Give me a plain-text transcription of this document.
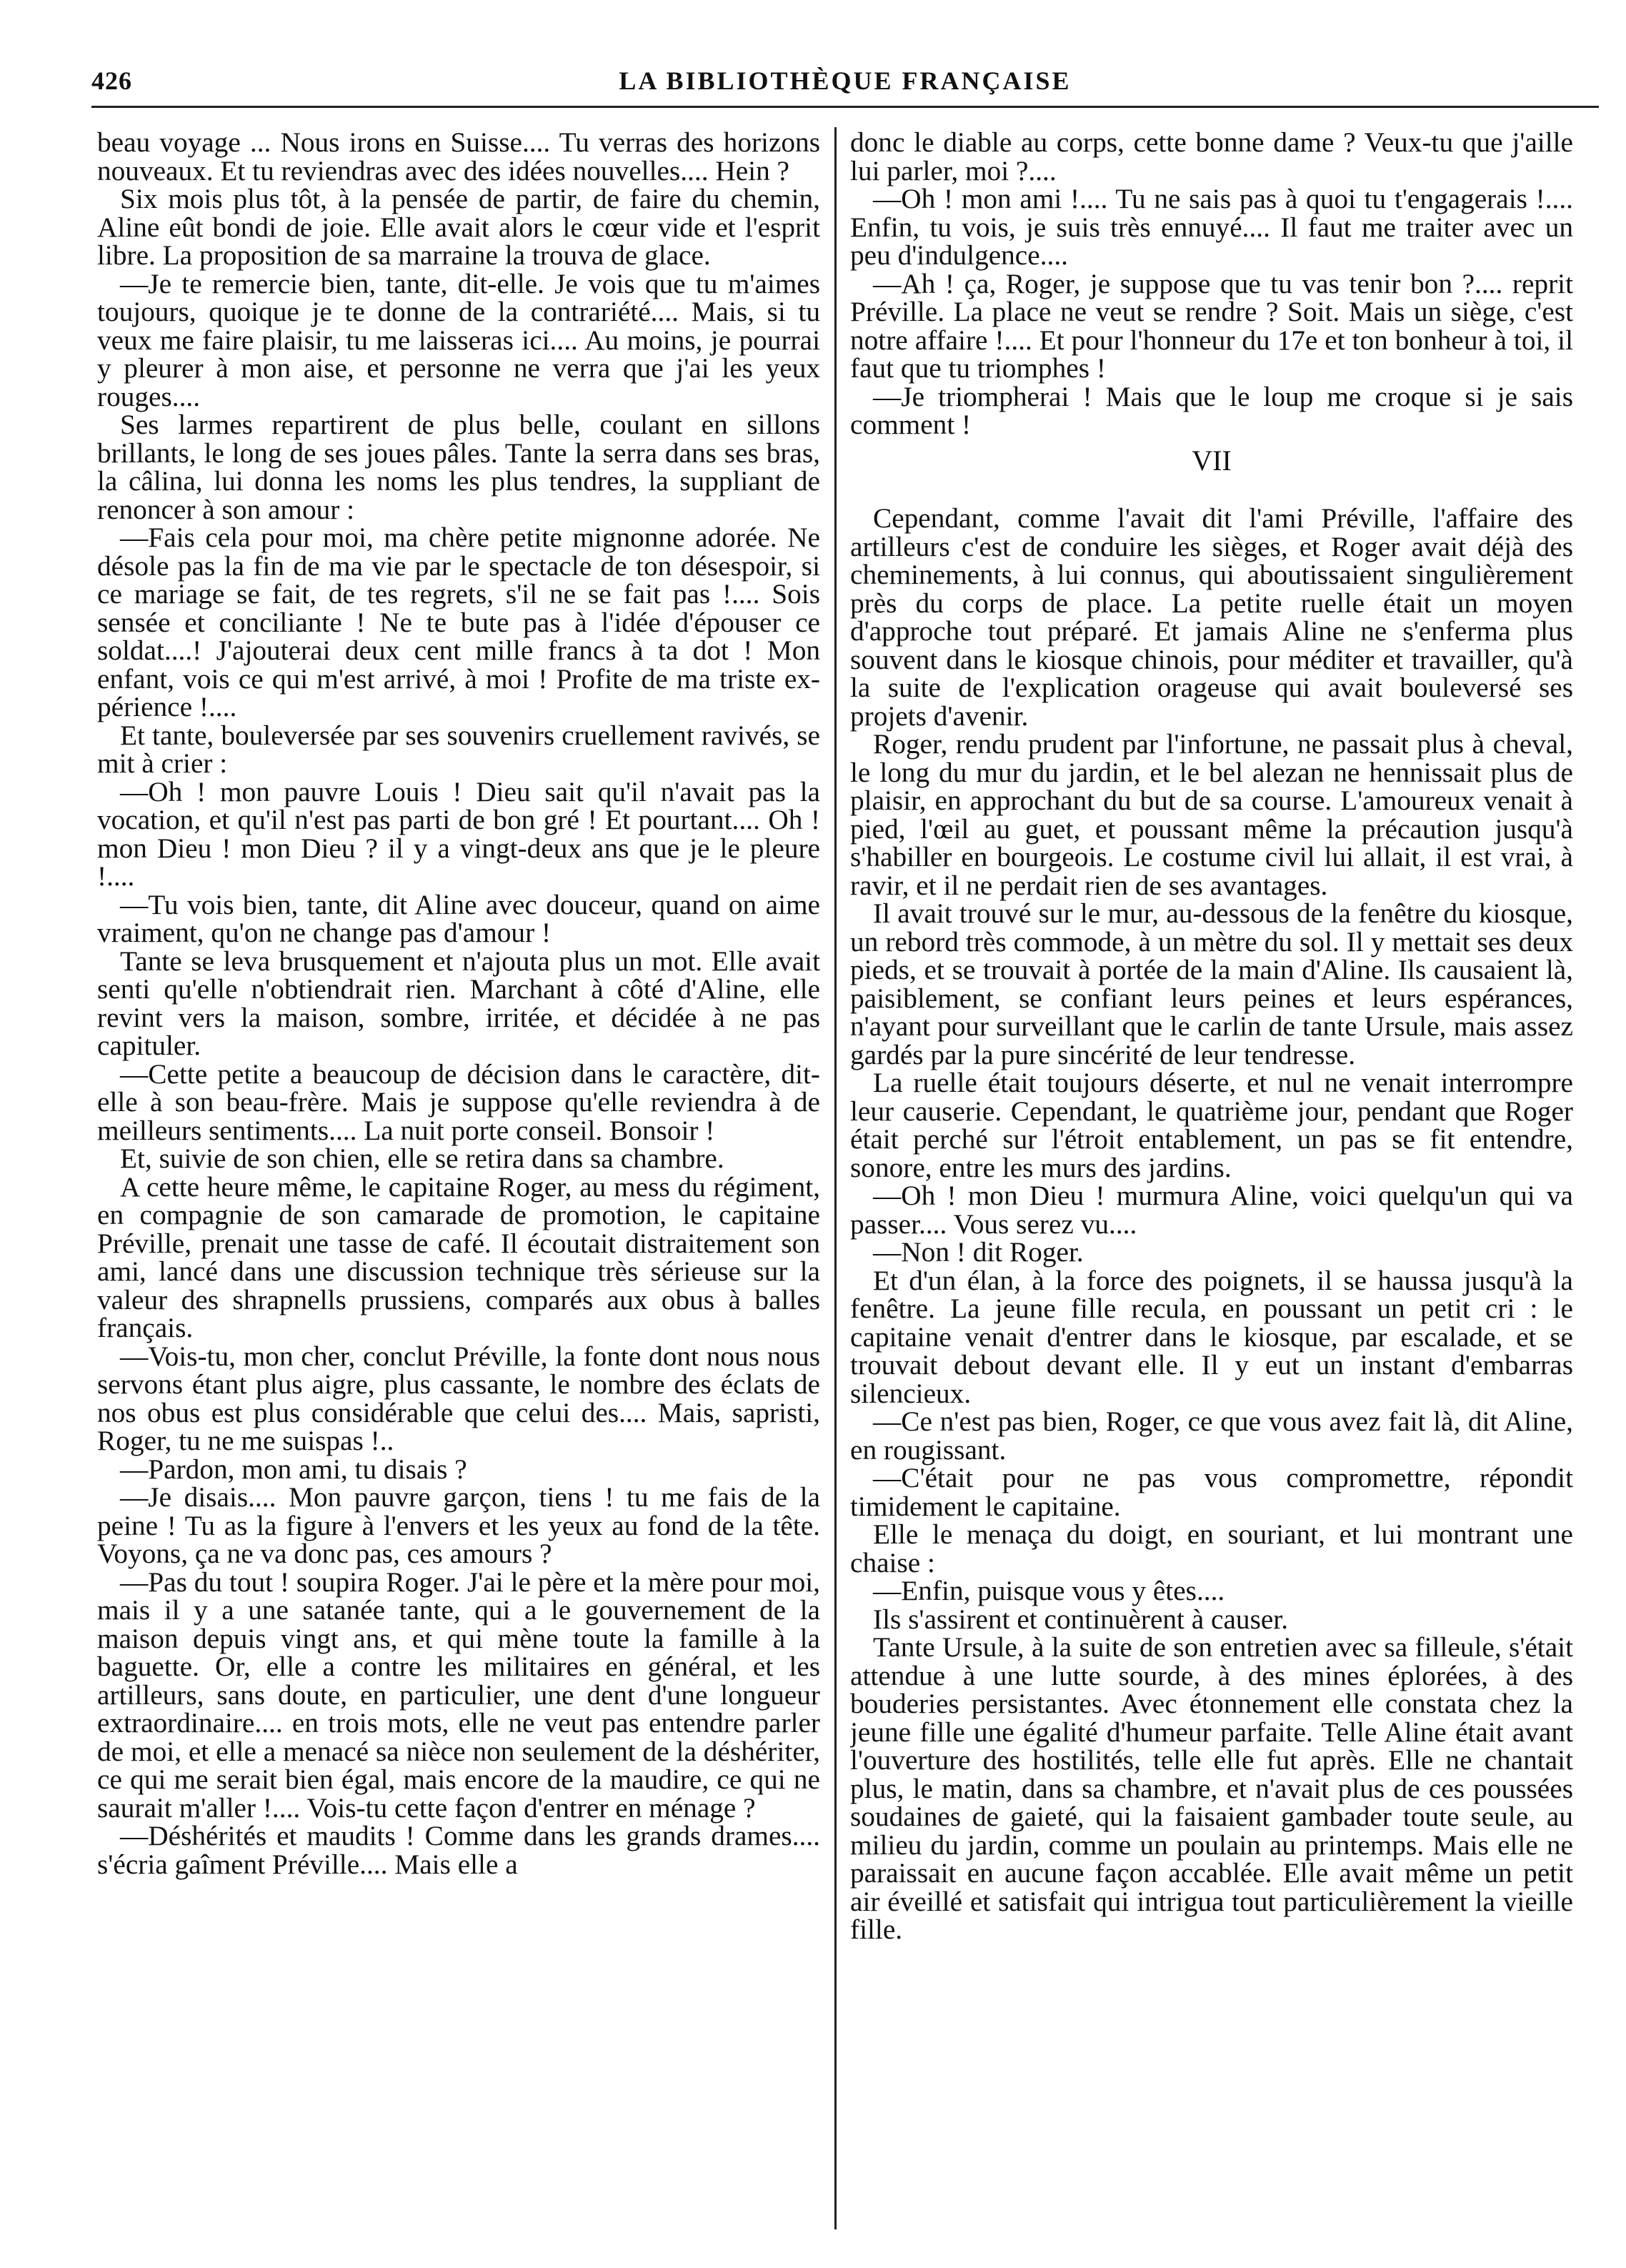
426	LA BIBLIOTHÈQUE FRANÇAISE

beau voyage ... Nous irons en Suisse.... Tu verras des horizons nouveaux. Et tu reviendras avec des idées nouvelles.... Hein ?

Six mois plus tôt, à la pensée de partir, de faire du chemin, Aline eût bondi de joie. Elle avait alors le cœur vide et l'esprit libre. La proposition de sa marraine la trouva de glace.

—Je te remercie bien, tante, dit-elle. Je vois que tu m'aimes toujours, quoique je te donne de la contrariété.... Mais, si tu veux me faire plaisir, tu me laisseras ici.... Au moins, je pourrai y pleurer à mon aise, et personne ne verra que j'ai les yeux rouges....

Ses larmes repartirent de plus belle, coulant en sillons brillants, le long de ses joues pâles. Tante la serra dans ses bras, la câlina, lui donna les noms les plus tendres, la suppliant de renoncer à son amour :

—Fais cela pour moi, ma chère petite mignonne adorée. Ne désole pas la fin de ma vie par le spectacle de ton désespoir, si ce mariage se fait, de tes regrets, s'il ne se fait pas !.... Sois sensée et conciliante ! Ne te bute pas à l'idée d'épouser ce soldat....! J'ajouterai deux cent mille francs à ta dot ! Mon enfant, vois ce qui m'est arrivé, à moi ! Profite de ma triste ex-périence !....

Et tante, bouleversée par ses souvenirs cruellement ravivés, se mit à crier :

—Oh ! mon pauvre Louis ! Dieu sait qu'il n'avait pas la vocation, et qu'il n'est pas parti de bon gré ! Et pourtant.... Oh ! mon Dieu ! mon Dieu ? il y a vingt-deux ans que je le pleure !....

—Tu vois bien, tante, dit Aline avec douceur, quand on aime vraiment, qu'on ne change pas d'amour !

Tante se leva brusquement et n'ajouta plus un mot. Elle avait senti qu'elle n'obtiendrait rien. Marchant à côté d'Aline, elle revint vers la maison, sombre, irritée, et décidée à ne pas capituler.

—Cette petite a beaucoup de décision dans le caractère, dit-elle à son beau-frère. Mais je suppose qu'elle reviendra à de meilleurs sentiments.... La nuit porte conseil. Bonsoir !

Et, suivie de son chien, elle se retira dans sa chambre.

A cette heure même, le capitaine Roger, au mess du régiment, en compagnie de son camarade de promotion, le capitaine Préville, prenait une tasse de café. Il écoutait distraitement son ami, lancé dans une discussion technique très sérieuse sur la valeur des shrapnells prussiens, comparés aux obus à balles français.

—Vois-tu, mon cher, conclut Préville, la fonte dont nous nous servons étant plus aigre, plus cassante, le nombre des éclats de nos obus est plus considérable que celui des.... Mais, sapristi, Roger, tu ne me suispas !..

—Pardon, mon ami, tu disais ?

—Je disais.... Mon pauvre garçon, tiens ! tu me fais de la peine ! Tu as la figure à l'envers et les yeux au fond de la tête. Voyons, ça ne va donc pas, ces amours ?

—Pas du tout ! soupira Roger. J'ai le père et la mère pour moi, mais il y a une satanée tante, qui a le gouvernement de la maison depuis vingt ans, et qui mène toute la famille à la baguette. Or, elle a contre les militaires en général, et les artilleurs, sans doute, en particulier, une dent d'une longueur extraordinaire.... en trois mots, elle ne veut pas entendre parler de moi, et elle a menacé sa nièce non seulement de la déshériter, ce qui me serait bien égal, mais encore de la maudire, ce qui ne saurait m'aller !.... Vois-tu cette façon d'entrer en ménage ?

—Déshérités et maudits ! Comme dans les grands drames.... s'écria gaîment Préville.... Mais elle a

donc le diable au corps, cette bonne dame ? Veux-tu que j'aille lui parler, moi ?....

—Oh ! mon ami !.... Tu ne sais pas à quoi tu t'engagerais !.... Enfin, tu vois, je suis très ennuyé.... Il faut me traiter avec un peu d'indulgence....

—Ah ! ça, Roger, je suppose que tu vas tenir bon ?.... reprit Préville. La place ne veut se rendre ? Soit. Mais un siège, c'est notre affaire !.... Et pour l'honneur du 17e et ton bonheur à toi, il faut que tu triomphes !

—Je triompherai ! Mais que le loup me croque si je sais comment !

VII

Cependant, comme l'avait dit l'ami Préville, l'affaire des artilleurs c'est de conduire les sièges, et Roger avait déjà des cheminements, à lui connus, qui aboutissaient singulièrement près du corps de place. La petite ruelle était un moyen d'approche tout préparé. Et jamais Aline ne s'enferma plus souvent dans le kiosque chinois, pour méditer et travailler, qu'à la suite de l'explication orageuse qui avait bouleversé ses projets d'avenir.

Roger, rendu prudent par l'infortune, ne passait plus à cheval, le long du mur du jardin, et le bel alezan ne hennissait plus de plaisir, en approchant du but de sa course. L'amoureux venait à pied, l'œil au guet, et poussant même la précaution jusqu'à s'habiller en bourgeois. Le costume civil lui allait, il est vrai, à ravir, et il ne perdait rien de ses avantages.

Il avait trouvé sur le mur, au-dessous de la fenêtre du kiosque, un rebord très commode, à un mètre du sol. Il y mettait ses deux pieds, et se trouvait à portée de la main d'Aline. Ils causaient là, paisiblement, se confiant leurs peines et leurs espérances, n'ayant pour surveillant que le carlin de tante Ursule, mais assez gardés par la pure sincérité de leur tendresse.

La ruelle était toujours déserte, et nul ne venait interrompre leur causerie. Cependant, le quatrième jour, pendant que Roger était perché sur l'étroit entablement, un pas se fit entendre, sonore, entre les murs des jardins.

—Oh ! mon Dieu ! murmura Aline, voici quelqu'un qui va passer.... Vous serez vu....

—Non ! dit Roger.

Et d'un élan, à la force des poignets, il se haussa jusqu'à la fenêtre. La jeune fille recula, en poussant un petit cri : le capitaine venait d'entrer dans le kiosque, par escalade, et se trouvait debout devant elle. Il y eut un instant d'embarras silencieux.

—Ce n'est pas bien, Roger, ce que vous avez fait là, dit Aline, en rougissant.

—C'était pour ne pas vous compromettre, répondit timidement le capitaine.

Elle le menaça du doigt, en souriant, et lui montrant une chaise :

—Enfin, puisque vous y êtes....

Ils s'assirent et continuèrent à causer.

Tante Ursule, à la suite de son entretien avec sa filleule, s'était attendue à une lutte sourde, à des mines éplorées, à des bouderies persistantes. Avec étonnement elle constata chez la jeune fille une égalité d'humeur parfaite. Telle Aline était avant l'ouverture des hostilités, telle elle fut après. Elle ne chantait plus, le matin, dans sa chambre, et n'avait plus de ces poussées soudaines de gaieté, qui la faisaient gambader toute seule, au milieu du jardin, comme un poulain au printemps. Mais elle ne paraissait en aucune façon accablée. Elle avait même un petit air éveillé et satisfait qui intrigua tout particulièrement la vieille fille.
